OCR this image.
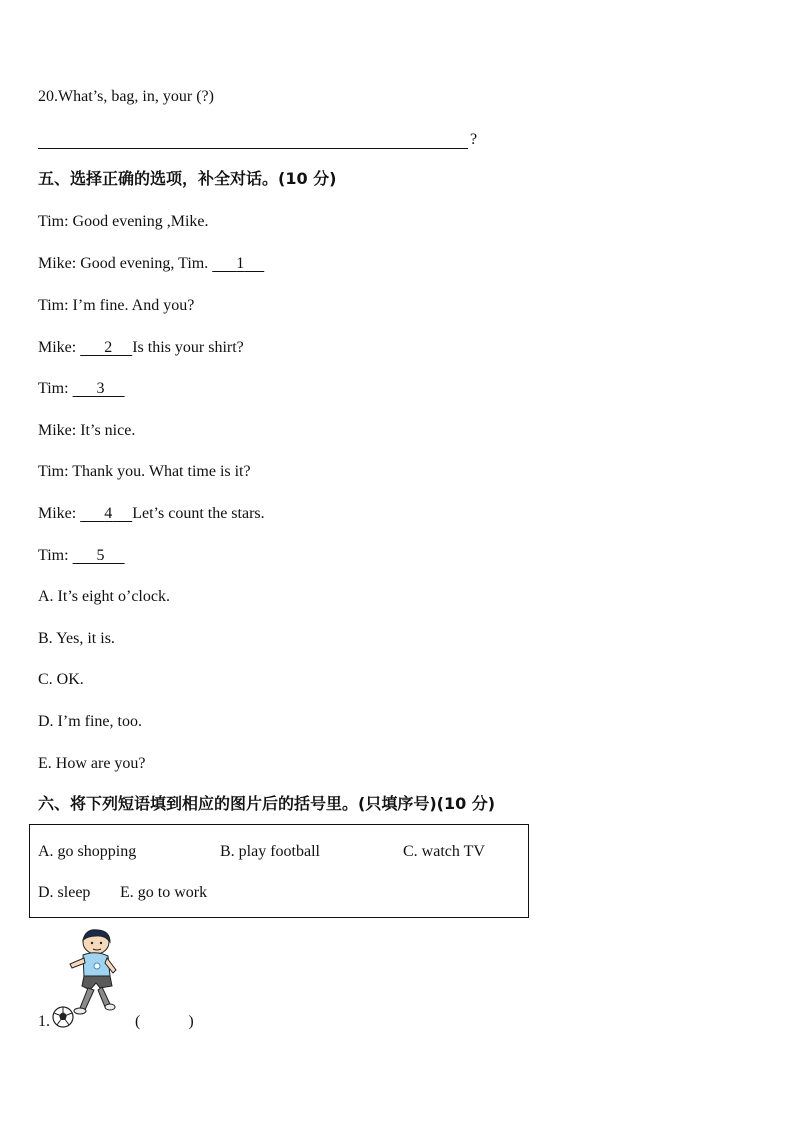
20.What’s, bag, in, your (?)
?
五、选择正确的选项，补全对话。(10 分)
Tim: Good evening ,Mike.
Mike: Good evening, Tim. 1
Tim: I’m fine. And you?
Mike: 2 Is this your shirt?
Tim: 3
Mike: It’s nice.
Tim: Thank you. What time is it?
Mike: 4 Let’s count the stars.
Tim: 5
A. It’s eight o’clock.
B. Yes, it is.
C. OK.
D. I’m fine, too.
E. How are you?
六、将下列短语填到相应的图片后的括号里。(只填序号)(10 分)
A. go shopping	B. play football	C. watch TV
D. sleep E. go to work
1.	(            )
